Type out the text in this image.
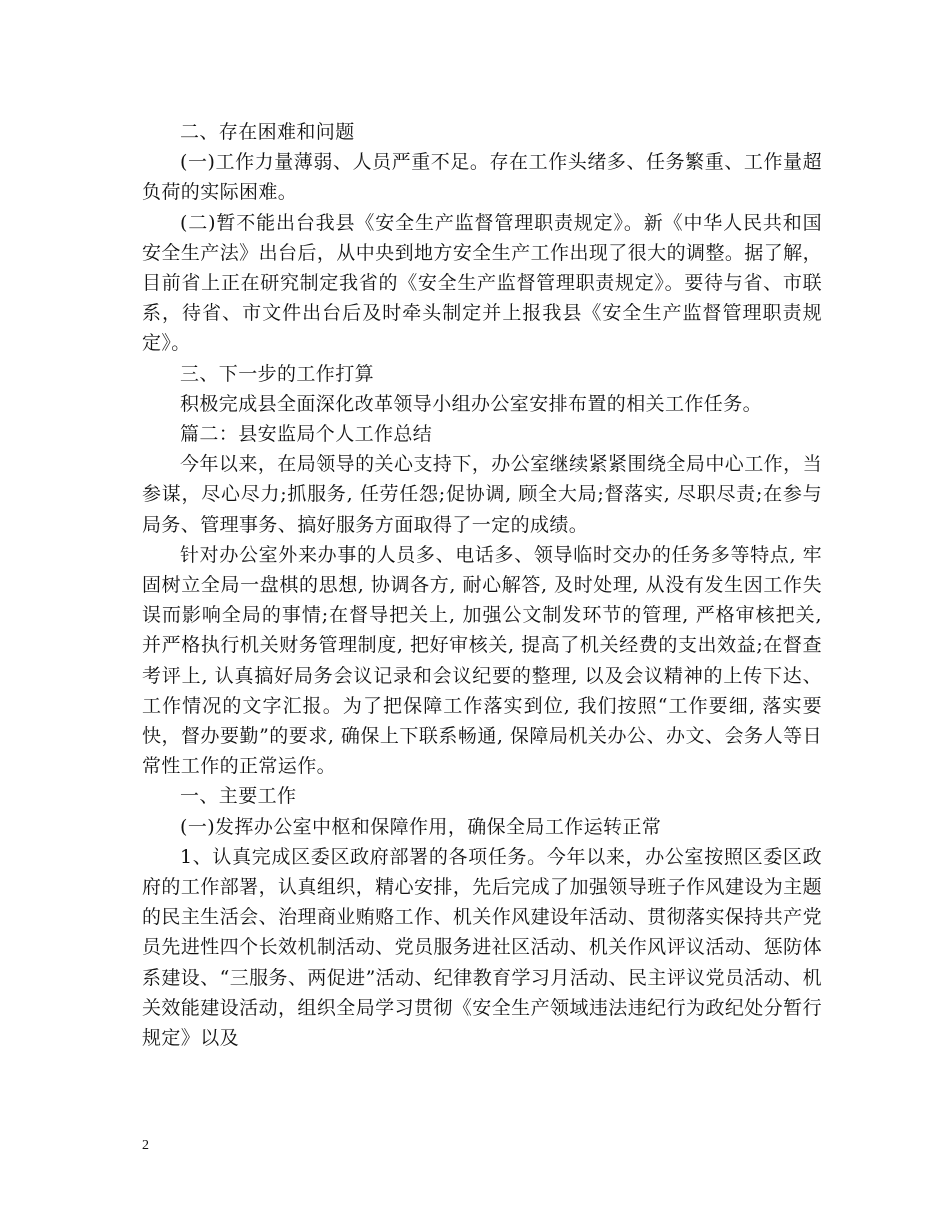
二、存在困难和问题

(一)工作力量薄弱、人员严重不足。存在工作头绪多、任务繁重、工作量超负荷的实际困难。

(二)暂不能出台我县《安全生产监督管理职责规定》。新《中华人民共和国安全生产法》出台后，从中央到地方安全生产工作出现了很大的调整。据了解，目前省上正在研究制定我省的《安全生产监督管理职责规定》。要待与省、市联系，待省、市文件出台后及时牵头制定并上报我县《安全生产监督管理职责规定》。

三、下一步的工作打算

积极完成县全面深化改革领导小组办公室安排布置的相关工作任务。

篇二：县安监局个人工作总结

今年以来，在局领导的关心支持下，办公室继续紧紧围绕全局中心工作，当参谋，尽心尽力;抓服务, 任劳任怨;促协调, 顾全大局;督落实, 尽职尽责;在参与局务、管理事务、搞好服务方面取得了一定的成绩。

针对办公室外来办事的人员多、电话多、领导临时交办的任务多等特点, 牢固树立全局一盘棋的思想, 协调各方, 耐心解答, 及时处理, 从没有发生因工作失误而影响全局的事情;在督导把关上, 加强公文制发环节的管理, 严格审核把关, 并严格执行机关财务管理制度, 把好审核关, 提高了机关经费的支出效益;在督查考评上, 认真搞好局务会议记录和会议纪要的整理, 以及会议精神的上传下达、工作情况的文字汇报。为了把保障工作落实到位, 我们按照“工作要细, 落实要快，督办要勤”的要求, 确保上下联系畅通, 保障局机关办公、办文、会务人等日常性工作的正常运作。

一、主要工作

(一)发挥办公室中枢和保障作用，确保全局工作运转正常

1、认真完成区委区政府部署的各项任务。今年以来，办公室按照区委区政府的工作部署，认真组织，精心安排，先后完成了加强领导班子作风建设为主题的民主生活会、治理商业贿赂工作、机关作风建设年活动、贯彻落实保持共产党员先进性四个长效机制活动、党员服务进社区活动、机关作风评议活动、惩防体系建设、“三服务、两促进”活动、纪律教育学习月活动、民主评议党员活动、机关效能建设活动，组织全局学习贯彻《安全生产领域违法违纪行为政纪处分暂行规定》以及

2
